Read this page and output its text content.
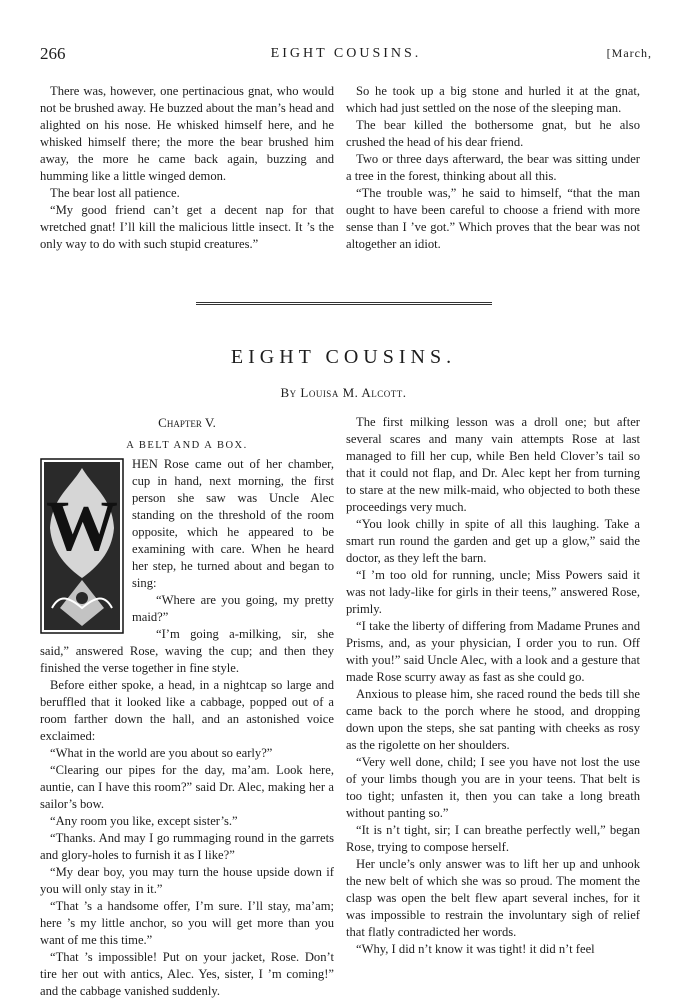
266	EIGHT COUSINS.	[March,

There was, however, one pertinacious gnat, who would not be brushed away. He buzzed about the man’s head and alighted on his nose. He whisked himself here, and he whisked himself there; the more the bear brushed him away, the more he came back again, buzzing and humming like a little winged demon.

The bear lost all patience.

“My good friend can’t get a decent nap for that wretched gnat! I’ll kill the malicious little insect. It ’s the only way to do with such stupid creatures.”

So he took up a big stone and hurled it at the gnat, which had just settled on the nose of the sleeping man.

The bear killed the bothersome gnat, but he also crushed the head of his dear friend.

Two or three days afterward, the bear was sitting under a tree in the forest, thinking about all this.

“The trouble was,” he said to himself, “that the man ought to have been careful to choose a friend with more sense than I ’ve got.” Which proves that the bear was not altogether an idiot.

EIGHT COUSINS.
By Louisa M. Alcott.
Chapter V.
A BELT AND A BOX.
W

HEN Rose came out of her chamber, cup in hand, next morning, the first person she saw was Uncle Alec standing on the threshold of the room opposite, which he appeared to be examining with care. When he heard her step, he turned about and began to sing:

“Where are you going, my pretty maid?”

“I’m going a-milking, sir, she said,” answered Rose, waving the cup; and then they finished the verse together in fine style.

Before either spoke, a head, in a nightcap so large and beruffled that it looked like a cabbage, popped out of a room farther down the hall, and an astonished voice exclaimed:

“What in the world are you about so early?”

“Clearing our pipes for the day, ma’am. Look here, auntie, can I have this room?” said Dr. Alec, making her a sailor’s bow.

“Any room you like, except sister’s.”

“Thanks. And may I go rummaging round in the garrets and glory-holes to furnish it as I like?”

“My dear boy, you may turn the house upside down if you will only stay in it.”

“That ’s a handsome offer, I’m sure. I’ll stay, ma’am; here ’s my little anchor, so you will get more than you want of me this time.”

“That ’s impossible! Put on your jacket, Rose. Don’t tire her out with antics, Alec. Yes, sister, I ’m coming!” and the cabbage vanished suddenly.

The first milking lesson was a droll one; but after several scares and many vain attempts Rose at last managed to fill her cup, while Ben held Clover’s tail so that it could not flap, and Dr. Alec kept her from turning to stare at the new milk-maid, who objected to both these proceedings very much.

“You look chilly in spite of all this laughing. Take a smart run round the garden and get up a glow,” said the doctor, as they left the barn.

“I ’m too old for running, uncle; Miss Powers said it was not lady-like for girls in their teens,” answered Rose, primly.

“I take the liberty of differing from Madame Prunes and Prisms, and, as your physician, I order you to run. Off with you!” said Uncle Alec, with a look and a gesture that made Rose scurry away as fast as she could go.

Anxious to please him, she raced round the beds till she came back to the porch where he stood, and dropping down upon the steps, she sat panting with cheeks as rosy as the rigolette on her shoulders.

“Very well done, child; I see you have not lost the use of your limbs though you are in your teens. That belt is too tight; unfasten it, then you can take a long breath without panting so.”

“It is n’t tight, sir; I can breathe perfectly well,” began Rose, trying to compose herself.

Her uncle’s only answer was to lift her up and unhook the new belt of which she was so proud. The moment the clasp was open the belt flew apart several inches, for it was impossible to restrain the involuntary sigh of relief that flatly contradicted her words.

“Why, I did n’t know it was tight! it did n’t feel
